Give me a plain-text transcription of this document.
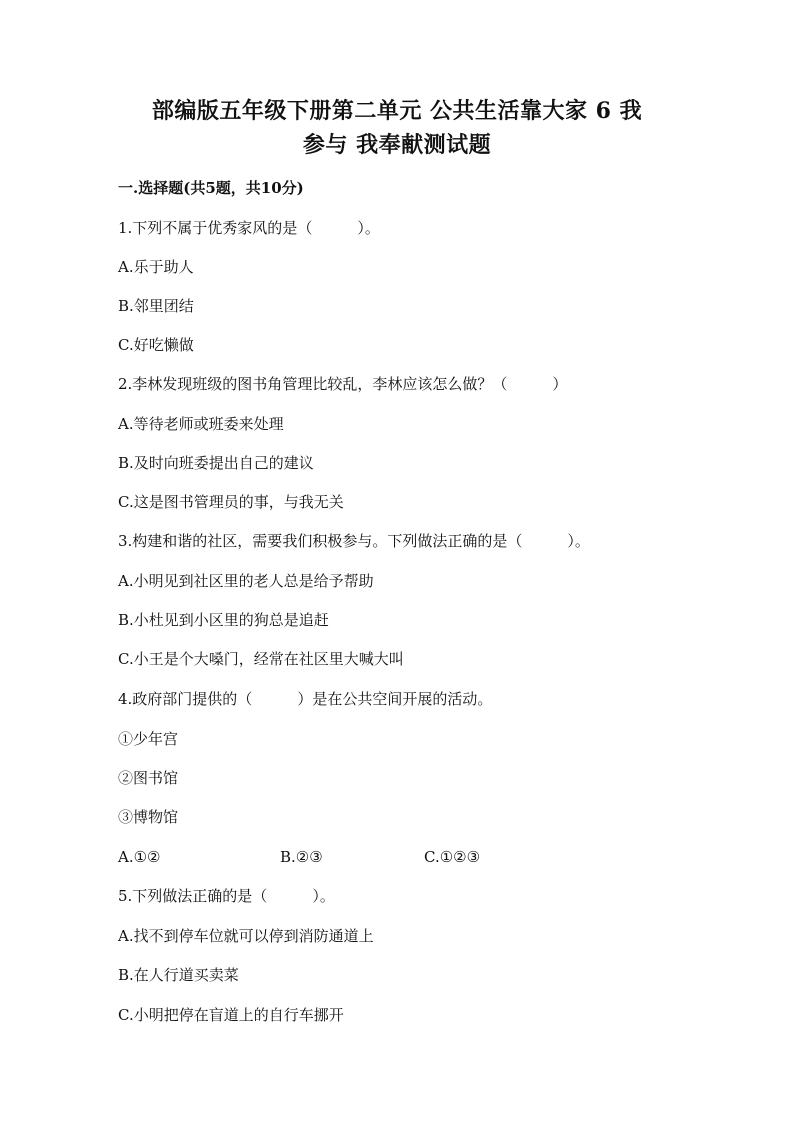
部编版五年级下册第二单元 公共生活靠大家 6 我
参与 我奉献测试题
一.选择题(共5题，共10分)
1.下列不属于优秀家风的是（　　　）。
A.乐于助人
B.邻里团结
C.好吃懒做
2.李林发现班级的图书角管理比较乱，李林应该怎么做？（　　　）
A.等待老师或班委来处理
B.及时向班委提出自己的建议
C.这是图书管理员的事，与我无关
3.构建和谐的社区，需要我们积极参与。下列做法正确的是（　　　）。
A.小明见到社区里的老人总是给予帮助
B.小杜见到小区里的狗总是追赶
C.小王是个大嗓门，经常在社区里大喊大叫
4.政府部门提供的（　　　）是在公共空间开展的活动。
①少年宫
②图书馆
③博物馆
A.①②	B.②③	C.①②③
5.下列做法正确的是（　　　）。
A.找不到停车位就可以停到消防通道上
B.在人行道买卖菜
C.小明把停在盲道上的自行车挪开
